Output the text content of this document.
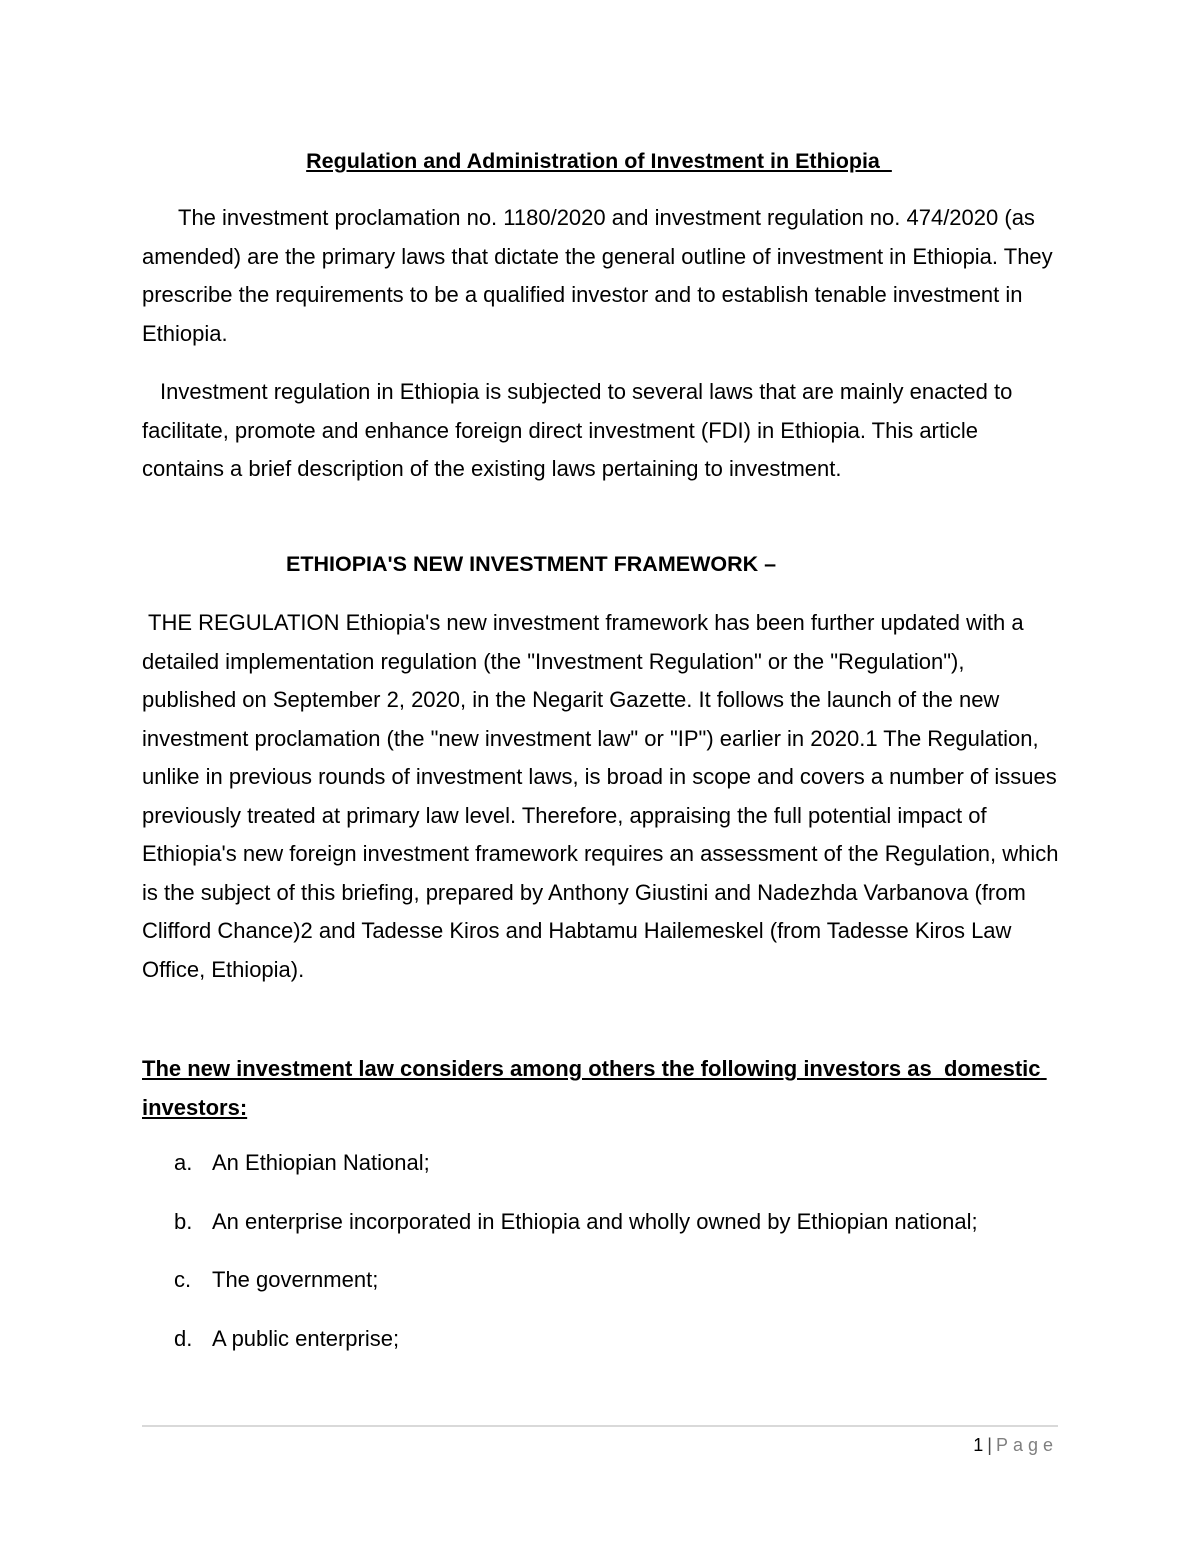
Regulation and Administration of Investment in Ethiopia

The investment proclamation no. 1180/2020 and investment regulation no. 474/2020 (as amended) are the primary laws that dictate the general outline of investment in Ethiopia. They prescribe the requirements to be a qualified investor and to establish tenable investment in Ethiopia.

Investment regulation in Ethiopia is subjected to several laws that are mainly enacted to facilitate, promote and enhance foreign direct investment (FDI) in Ethiopia. This article contains a brief description of the existing laws pertaining to investment.

ETHIOPIA'S NEW INVESTMENT FRAMEWORK –

THE REGULATION Ethiopia's new investment framework has been further updated with a detailed implementation regulation (the "Investment Regulation" or the "Regulation"), published on September 2, 2020, in the Negarit Gazette. It follows the launch of the new investment proclamation (the "new investment law" or "IP") earlier in 2020.1 The Regulation, unlike in previous rounds of investment laws, is broad in scope and covers a number of issues previously treated at primary law level. Therefore, appraising the full potential impact of Ethiopia's new foreign investment framework requires an assessment of the Regulation, which is the subject of this briefing, prepared by Anthony Giustini and Nadezhda Varbanova (from Clifford Chance)2 and Tadesse Kiros and Habtamu Hailemeskel (from Tadesse Kiros Law Office, Ethiopia).

The new investment law considers among others the following investors as  domestic investors:
a. An Ethiopian National;
b. An enterprise incorporated in Ethiopia and wholly owned by Ethiopian national;
c. The government;
d. A public enterprise;
1 | Page
